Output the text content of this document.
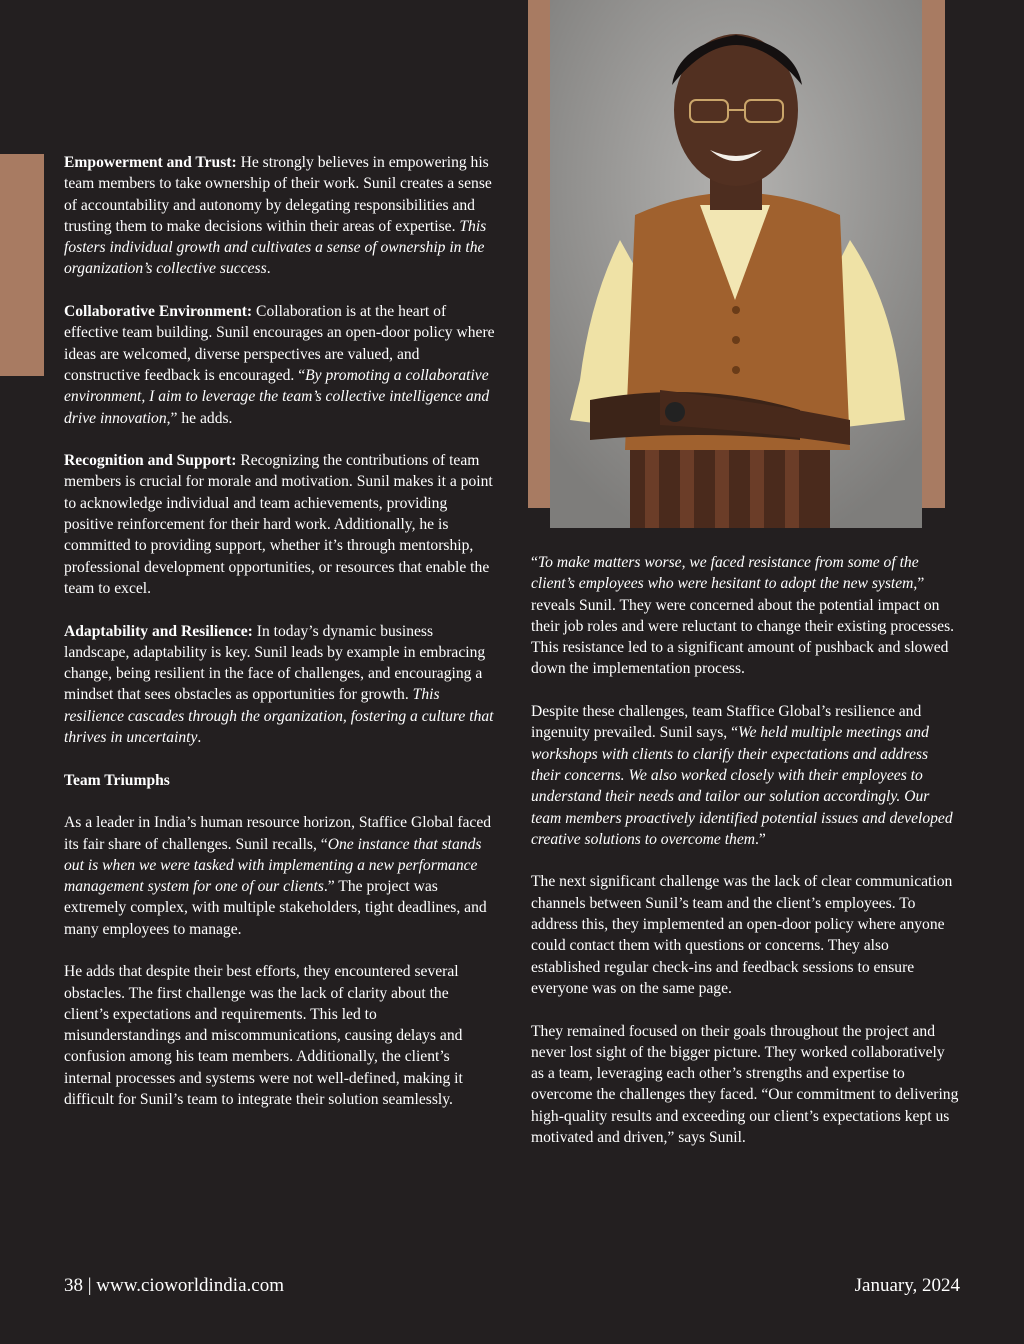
Empowerment and Trust: He strongly believes in empowering his team members to take ownership of their work. Sunil creates a sense of accountability and autonomy by delegating responsibilities and trusting them to make decisions within their areas of expertise. This fosters individual growth and cultivates a sense of ownership in the organization’s collective success.

Collaborative Environment: Collaboration is at the heart of effective team building. Sunil encourages an open-door policy where ideas are welcomed, diverse perspectives are valued, and constructive feedback is encouraged. “By promoting a collaborative environment, I aim to leverage the team’s collective intelligence and drive innovation,” he adds.

Recognition and Support: Recognizing the contributions of team members is crucial for morale and motivation. Sunil makes it a point to acknowledge individual and team achievements, providing positive reinforcement for their hard work. Additionally, he is committed to providing support, whether it’s through mentorship, professional development opportunities, or resources that enable the team to excel.

Adaptability and Resilience: In today’s dynamic business landscape, adaptability is key. Sunil leads by example in embracing change, being resilient in the face of challenges, and encouraging a mindset that sees obstacles as opportunities for growth. This resilience cascades through the organization, fostering a culture that thrives in uncertainty.

Team Triumphs

As a leader in India’s human resource horizon, Staffice Global faced its fair share of challenges. Sunil recalls, “One instance that stands out is when we were tasked with implementing a new performance management system for one of our clients.” The project was extremely complex, with multiple stakeholders, tight deadlines, and many employees to manage.

He adds that despite their best efforts, they encountered several obstacles. The first challenge was the lack of clarity about the client’s expectations and requirements. This led to misunderstandings and miscommunications, causing delays and confusion among his team members. Additionally, the client’s internal processes and systems were not well-defined, making it difficult for Sunil’s team to integrate their solution seamlessly.

“To make matters worse, we faced resistance from some of the client’s employees who were hesitant to adopt the new system,” reveals Sunil. They were concerned about the potential impact on their job roles and were reluctant to change their existing processes. This resistance led to a significant amount of pushback and slowed down the implementation process.

Despite these challenges, team Staffice Global’s resilience and ingenuity prevailed. Sunil says, “We held multiple meetings and workshops with clients to clarify their expectations and address their concerns. We also worked closely with their employees to understand their needs and tailor our solution accordingly. Our team members proactively identified potential issues and developed creative solutions to overcome them.”

The next significant challenge was the lack of clear communication channels between Sunil’s team and the client’s employees. To address this, they implemented an open-door policy where anyone could contact them with questions or concerns. They also established regular check-ins and feedback sessions to ensure everyone was on the same page.

They remained focused on their goals throughout the project and never lost sight of the bigger picture. They worked collaboratively as a team, leveraging each other’s strengths and expertise to overcome the challenges they faced. “Our commitment to delivering high-quality results and exceeding our client’s expectations kept us motivated and driven,” says Sunil.

38 | www.cioworldindia.com	January, 2024
